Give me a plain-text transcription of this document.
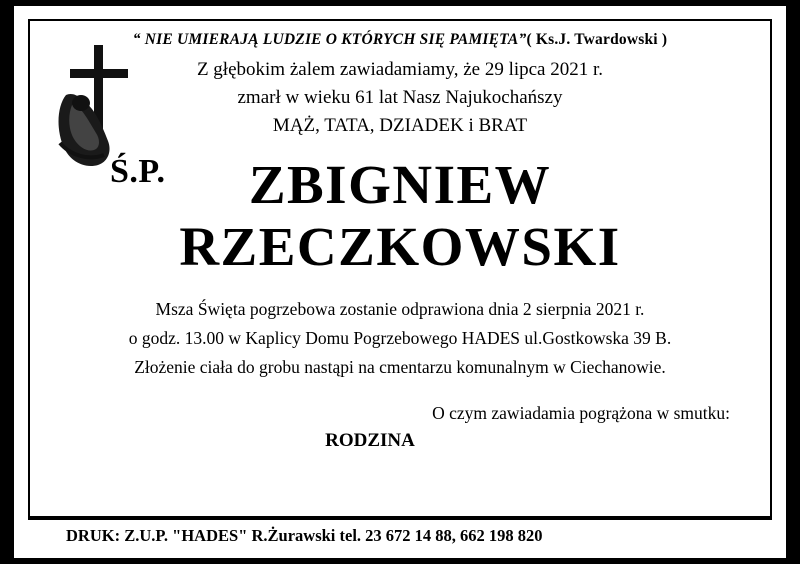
“ NIE UMIERAJĄ LUDZIE O KTÓRYCH SIĘ PAMIĘTA”( Ks.J. Twardowski )
Ś.P.
Z głębokim żalem zawiadamiamy, że 29 lipca 2021 r.
zmarł w wieku 61 lat Nasz Najukochańszy
MĄŻ, TATA, DZIADEK i BRAT
ZBIGNIEW
RZECZKOWSKI
Msza Święta pogrzebowa zostanie odprawiona dnia 2 sierpnia 2021 r.
o godz. 13.00 w Kaplicy Domu Pogrzebowego HADES ul.Gostkowska 39 B.
Złożenie ciała do grobu nastąpi na cmentarzu komunalnym w Ciechanowie.
O czym zawiadamia pogrążona w smutku:
RODZINA
DRUK: Z.U.P. "HADES" R.Żurawski tel. 23 672 14 88, 662 198 820
